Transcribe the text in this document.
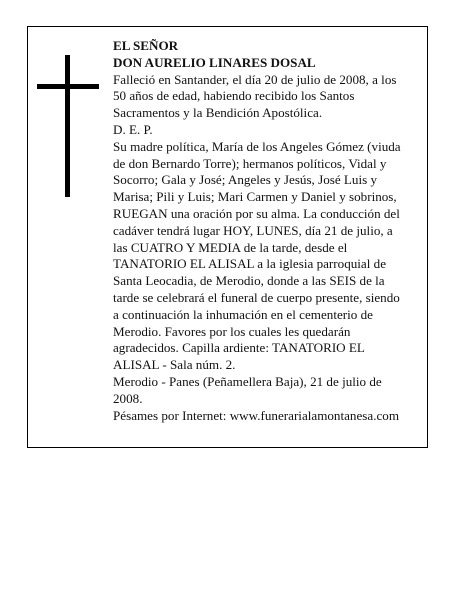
EL SEÑOR
DON AURELIO LINARES DOSAL
Falleció en Santander, el día 20 de julio de 2008, a los
50 años de edad, habiendo recibido los Santos
Sacramentos y la Bendición Apostólica.
D. E. P.
Su madre política, María de los Angeles Gómez (viuda
de don Bernardo Torre); hermanos políticos, Vidal y
Socorro; Gala y José; Angeles y Jesús, José Luis y
Marisa; Pili y Luis; Mari Carmen y Daniel y sobrinos,
RUEGAN una oración por su alma. La conducción del
cadáver tendrá lugar HOY, LUNES, día 21 de julio, a
las CUATRO Y MEDIA de la tarde, desde el
TANATORIO EL ALISAL a la iglesia parroquial de
Santa Leocadia, de Merodio, donde a las SEIS de la
tarde se celebrará el funeral de cuerpo presente, siendo
a continuación la inhumación en el cementerio de
Merodio. Favores por los cuales les quedarán
agradecidos. Capilla ardiente: TANATORIO EL
ALISAL - Sala núm. 2.
Merodio - Panes (Peñamellera Baja), 21 de julio de
2008.
Pésames por Internet: www.funerarialamontanesa.com
